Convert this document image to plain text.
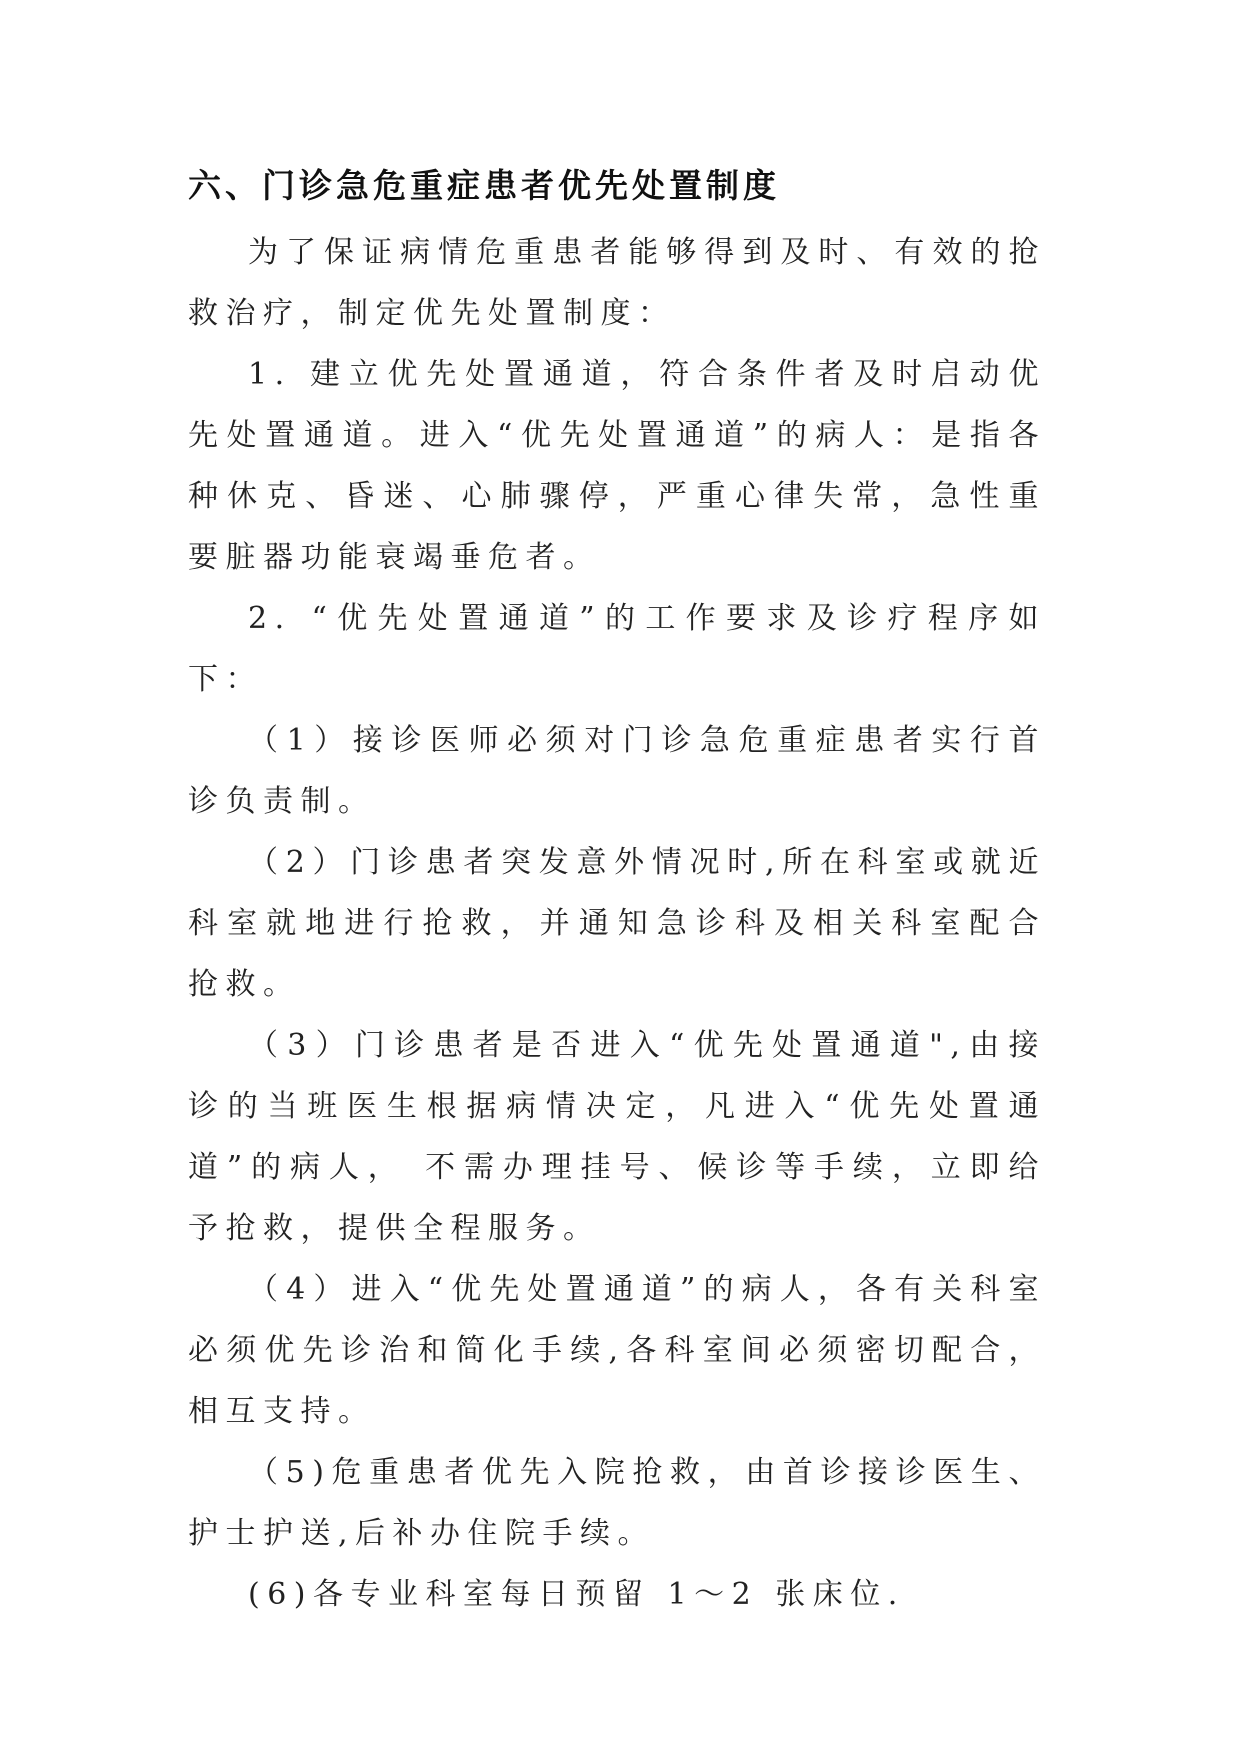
六、门诊急危重症患者优先处置制度

为了保证病情危重患者能够得到及时、有效的抢救治疗，制定优先处置制度：

1. 建立优先处置通道，符合条件者及时启动优先处置通道。进入“优先处置通道”的病人：是指各种休克、昏迷、心肺骤停，严重心律失常，急性重要脏器功能衰竭垂危者。

2. “优先处置通道”的工作要求及诊疗程序如下：

（1）接诊医师必须对门诊急危重症患者实行首诊负责制。

（2）门诊患者突发意外情况时,所在科室或就近科室就地进行抢救，并通知急诊科及相关科室配合抢救。

（3）门诊患者是否进入“优先处置通道",由接诊的当班医生根据病情决定，凡进入“优先处置通道”的病人， 不需办理挂号、候诊等手续，立即给予抢救，提供全程服务。

（4）进入“优先处置通道”的病人，各有关科室必须优先诊治和简化手续,各科室间必须密切配合，相互支持。

（5)危重患者优先入院抢救，由首诊接诊医生、护士护送,后补办住院手续。

(6)各专业科室每日预留 1～2 张床位.
